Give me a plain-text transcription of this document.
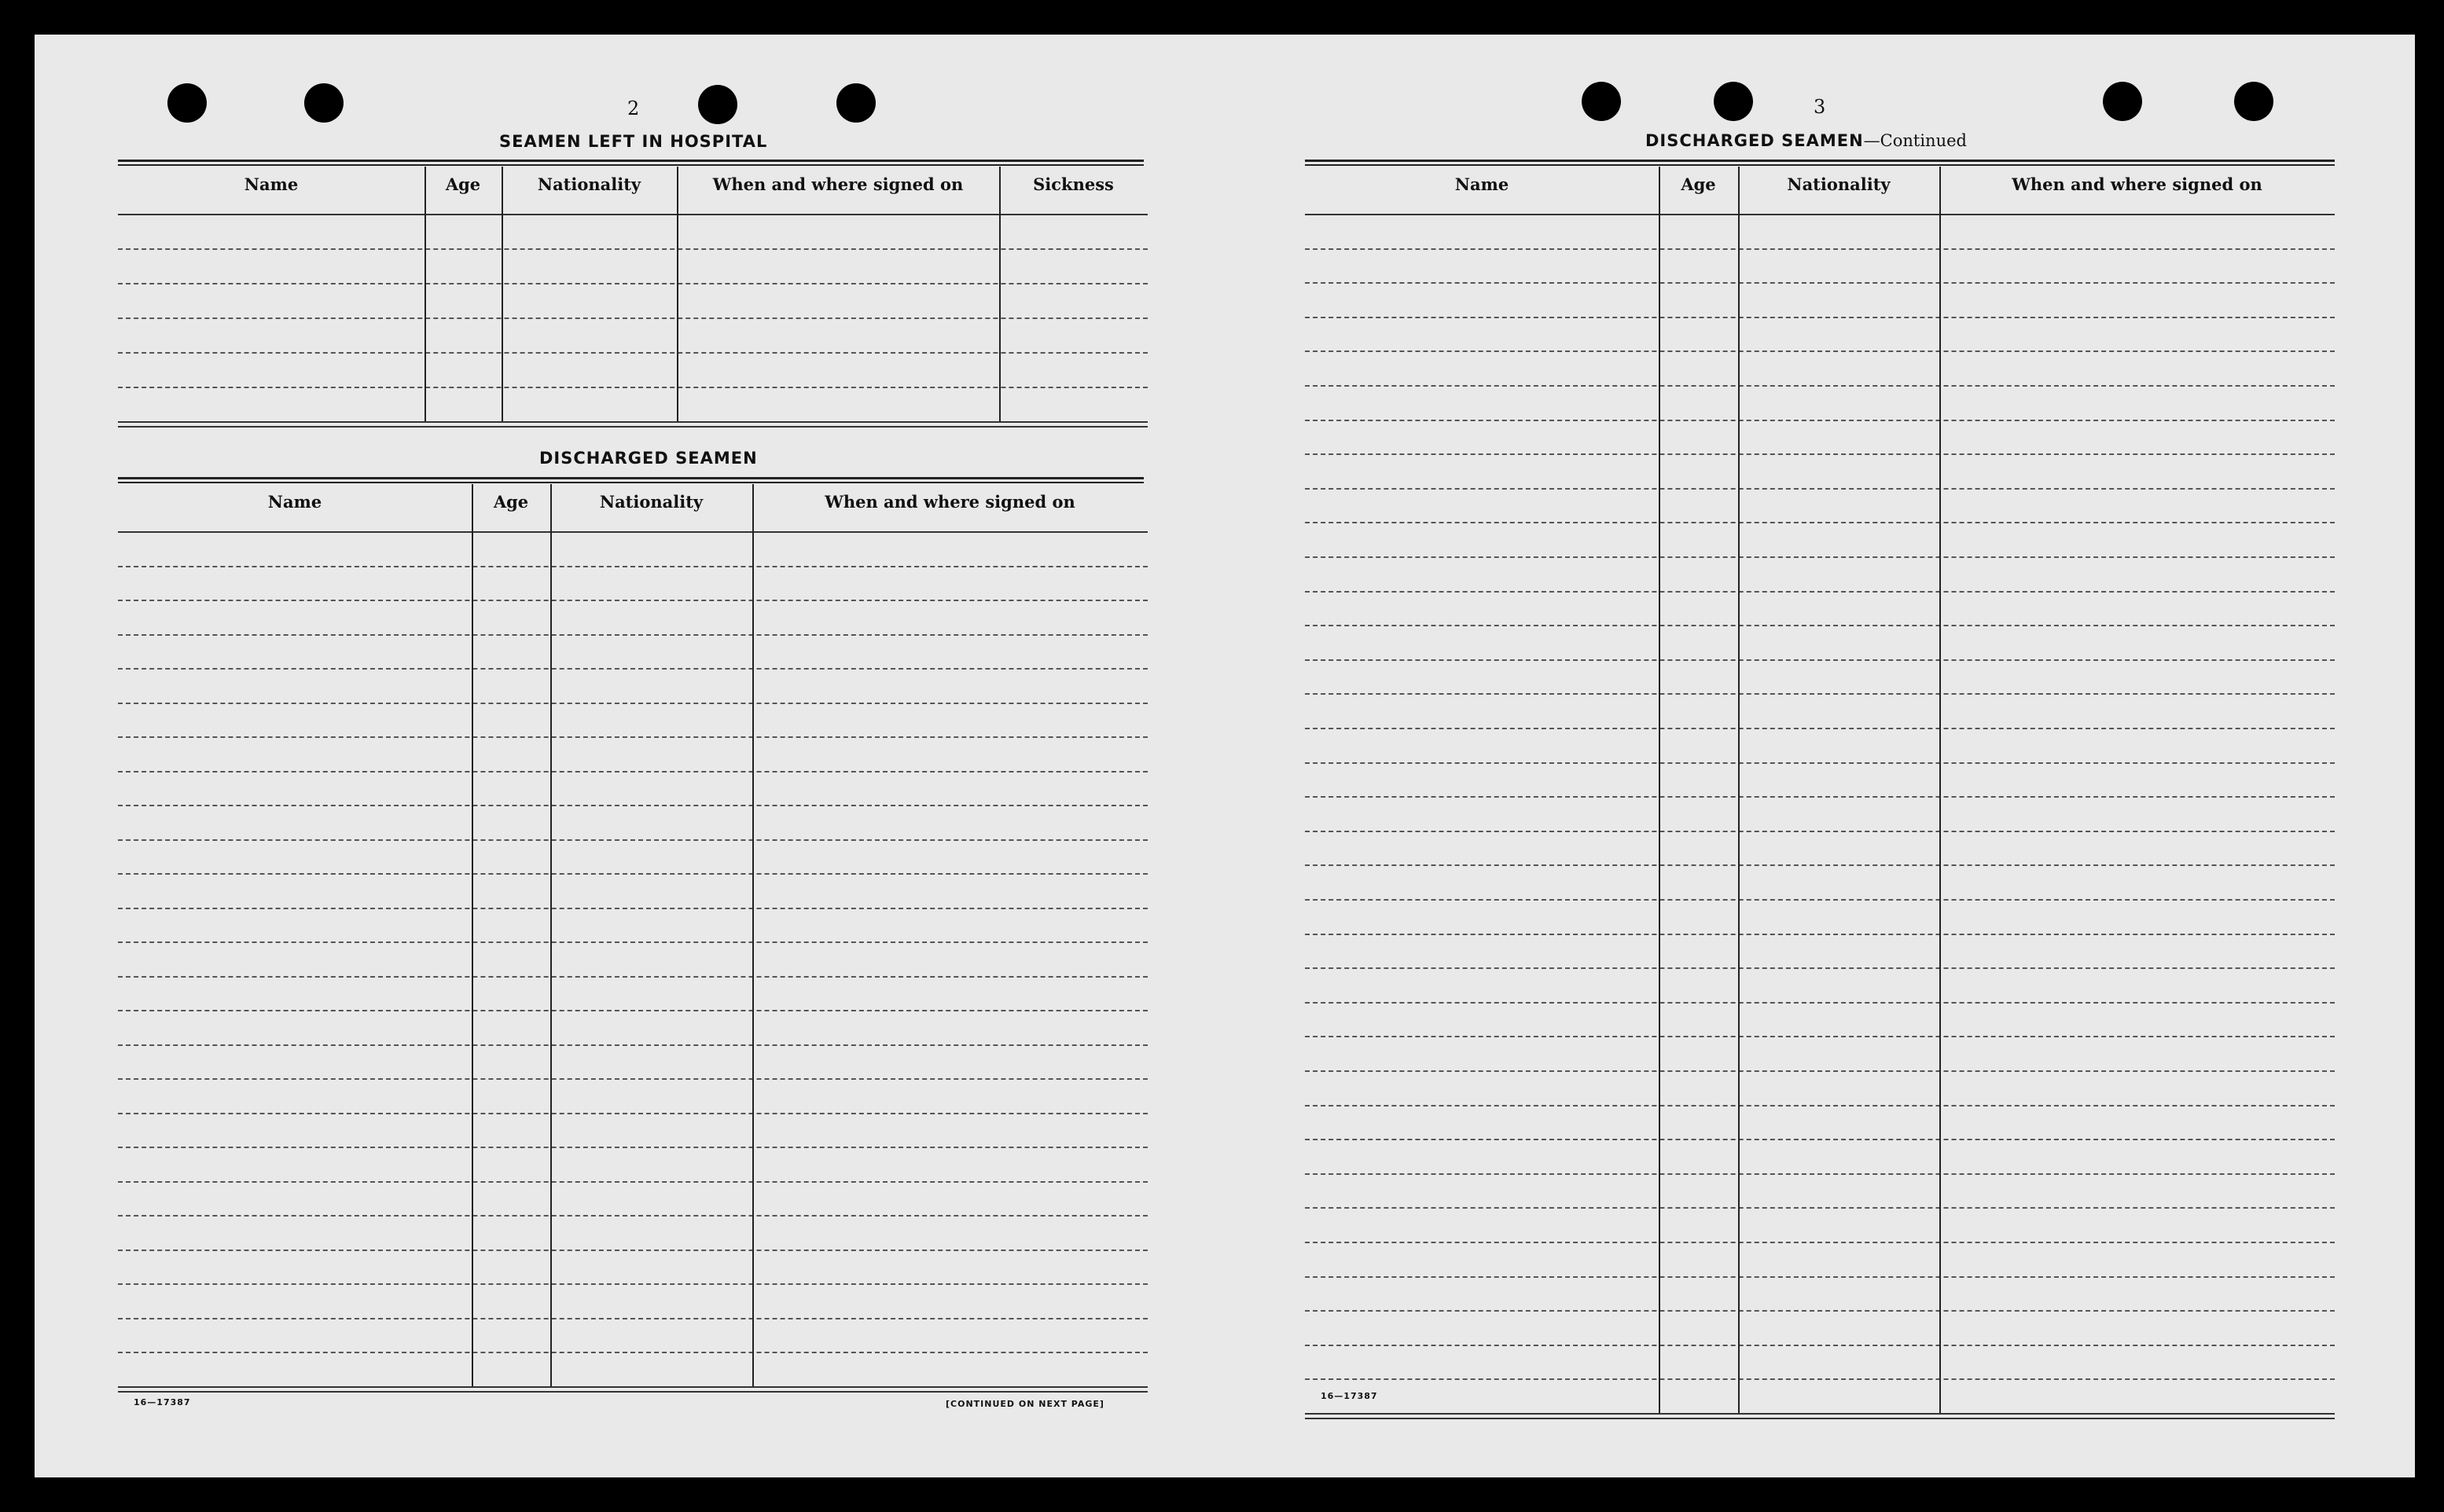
2
SEAMEN LEFT IN HOSPITAL
DISCHARGED SEAMEN
16—17387	[CONTINUED ON NEXT PAGE]
3
DISCHARGED SEAMEN—Continued
16—17387
Name	Age	Nationality	When and where signed on	Sickness
Name	Age	Nationality	When and where signed on
Name	Age	Nationality	When and where signed on
